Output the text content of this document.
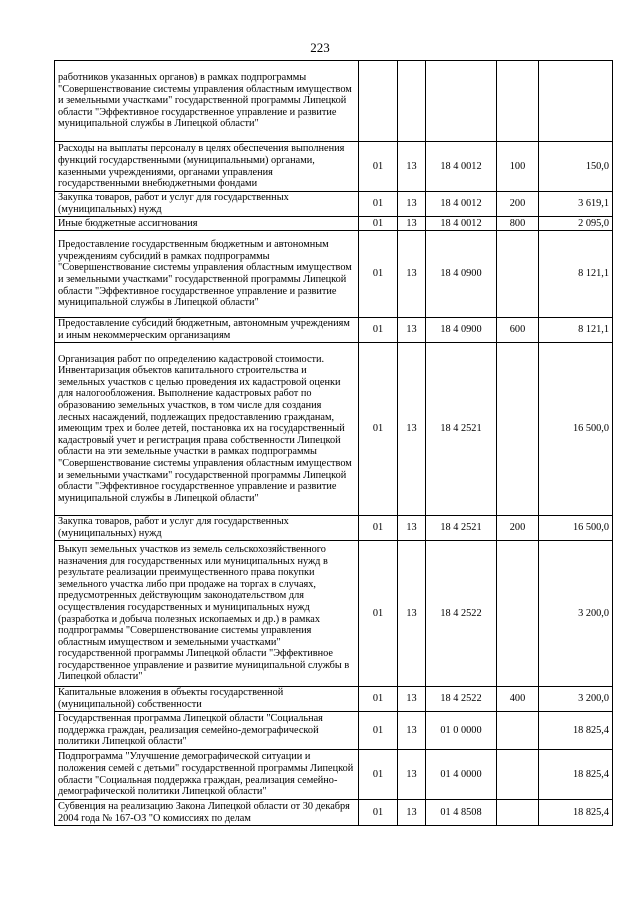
223
работников указанных органов) в рамках подпрограммы "Совершенствование системы управления областным имуществом и земельными участками" государственной программы Липецкой области "Эффективное государственное управление и развитие муниципальной службы в Липецкой области"					
Расходы на выплаты персоналу в целях обеспечения выполнения функций государственными (муниципальными) органами, казенными учреждениями, органами управления государственными внебюджетными фондами	01	13	18 4 0012	100	150,0
Закупка товаров, работ и услуг для государственных (муниципальных) нужд	01	13	18 4 0012	200	3 619,1
Иные бюджетные ассигнования	01	13	18 4 0012	800	2 095,0
Предоставление государственным бюджетным и автономным учреждениям субсидий в рамках подпрограммы "Совершенствование системы управления областным имуществом и земельными участками" государственной программы Липецкой области "Эффективное государственное управление и развитие муниципальной службы в Липецкой области"	01	13	18 4 0900		8 121,1
Предоставление субсидий бюджетным, автономным учреждениям и иным некоммерческим организациям	01	13	18 4 0900	600	8 121,1
Организация работ по определению кадастровой стоимости. Инвентаризация объектов капитального строительства и земельных участков с целью проведения их кадастровой оценки для налогообложения. Выполнение кадастровых работ по образованию земельных участков, в том числе для создания лесных насаждений, подлежащих предоставлению гражданам, имеющим трех и более детей, постановка их на государственный кадастровый учет и регистрация права собственности Липецкой области на эти земельные участки в рамках подпрограммы "Совершенствование системы управления областным имуществом и земельными участками" государственной программы Липецкой области "Эффективное государственное управление и развитие муниципальной службы в Липецкой области"	01	13	18 4 2521		16 500,0
Закупка товаров, работ и услуг для государственных (муниципальных) нужд	01	13	18 4 2521	200	16 500,0
Выкуп земельных участков из земель сельскохозяйственного назначения для государственных или муниципальных нужд в результате реализации преимущественного права покупки земельного участка либо при продаже на торгах в случаях, предусмотренных действующим законодательством для осуществления государственных и муниципальных нужд (разработка и добыча полезных ископаемых и др.) в рамках подпрограммы "Совершенствование системы управления областным имуществом и земельными участками" государственной программы Липецкой области "Эффективное государственное управление и развитие муниципальной службы в Липецкой области"	01	13	18 4 2522		3 200,0
Капитальные вложения в объекты государственной (муниципальной) собственности	01	13	18 4 2522	400	3 200,0
Государственная программа Липецкой области "Социальная поддержка граждан, реализация семейно-демографической политики Липецкой области"	01	13	01 0 0000		18 825,4
Подпрограмма "Улучшение демографической ситуации и положения семей с детьми" государственной программы Липецкой области "Социальная поддержка граждан, реализация семейно-демографической политики Липецкой области"	01	13	01 4 0000		18 825,4
Субвенция на реализацию Закона Липецкой области от 30 декабря 2004 года № 167-ОЗ "О комиссиях по делам	01	13	01 4 8508		18 825,4
